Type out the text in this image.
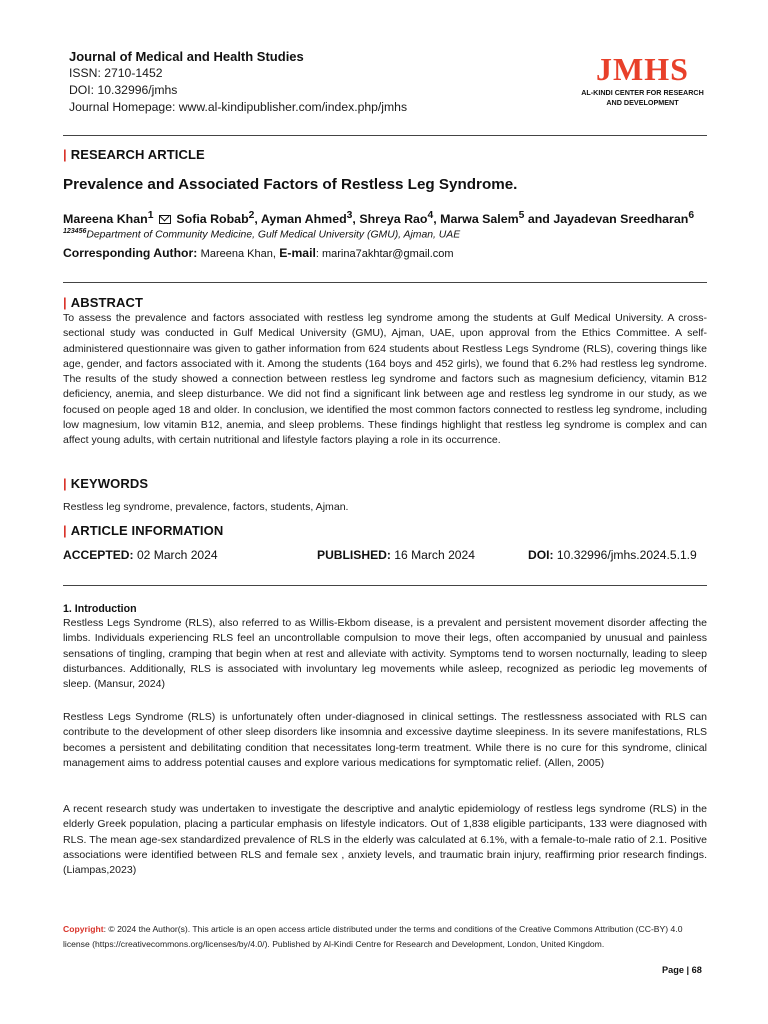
Journal of Medical and Health Studies
ISSN: 2710-1452
DOI: 10.32996/jmhs
Journal Homepage: www.al-kindipublisher.com/index.php/jmhs
JMHS
AL-KINDI CENTER FOR RESEARCH
AND DEVELOPMENT
| RESEARCH ARTICLE
Prevalence and Associated Factors of Restless Leg Syndrome.
Mareena Khan$^1$ Sofia Robab$^2$, Ayman Ahmed$^3$, Shreya Rao$^4$, Marwa Salem$^5$ and Jayadevan Sreedharan$^6$
$^{123456}$Department of Community Medicine, Gulf Medical University (GMU), Ajman, UAE
Corresponding Author: Mareena Khan, E-mail: marina7akhtar@gmail.com
| ABSTRACT
To assess the prevalence and factors associated with restless leg syndrome among the students at Gulf Medical University. A cross-sectional study was conducted in Gulf Medical University (GMU), Ajman, UAE, upon approval from the Ethics Committee. A self-administered questionnaire was given to gather information from 624 students about Restless Legs Syndrome (RLS), covering things like age, gender, and factors associated with it. Among the students (164 boys and 452 girls), we found that 6.2% had restless leg syndrome. The results of the study showed a connection between restless leg syndrome and factors such as magnesium deficiency, vitamin B12 deficiency, anemia, and sleep disturbance. We did not find a significant link between age and restless leg syndrome in our study, as we focused on people aged 18 and older. In conclusion, we identified the most common factors connected to restless leg syndrome, including low magnesium, low vitamin B12, anemia, and sleep problems. These findings highlight that restless leg syndrome is complex and can affect young adults, with certain nutritional and lifestyle factors playing a role in its occurrence.
| KEYWORDS
Restless leg syndrome, prevalence, factors, students, Ajman.
| ARTICLE INFORMATION
ACCEPTED: 02 March 2024	PUBLISHED: 16 March 2024	DOI: 10.32996/jmhs.2024.5.1.9
1. Introduction
Restless Legs Syndrome (RLS), also referred to as Willis-Ekbom disease, is a prevalent and persistent movement disorder affecting the limbs. Individuals experiencing RLS feel an uncontrollable compulsion to move their legs, often accompanied by unusual and painless sensations of tingling, cramping that begin when at rest and alleviate with activity. Symptoms tend to worsen nocturnally, leading to sleep disturbances. Additionally, RLS is associated with involuntary leg movements while asleep, recognized as periodic leg movements of sleep. (Mansur, 2024)
Restless Legs Syndrome (RLS) is unfortunately often under-diagnosed in clinical settings. The restlessness associated with RLS can contribute to the development of other sleep disorders like insomnia and excessive daytime sleepiness. In its severe manifestations, RLS becomes a persistent and debilitating condition that necessitates long-term treatment. While there is no cure for this syndrome, clinical management aims to address potential causes and explore various medications for symptomatic relief. (Allen, 2005)
A recent research study was undertaken to investigate the descriptive and analytic epidemiology of restless legs syndrome (RLS) in the elderly Greek population, placing a particular emphasis on lifestyle indicators. Out of 1,838 eligible participants, 133 were diagnosed with RLS. The mean age-sex standardized prevalence of RLS in the elderly was calculated at 6.1%, with a female-to-male ratio of 2.1. Positive associations were identified between RLS and female sex , anxiety levels, and traumatic brain injury, reaffirming prior research findings. (Liampas,2023)
Copyright: © 2024 the Author(s). This article is an open access article distributed under the terms and conditions of the Creative Commons Attribution (CC-BY) 4.0 license (https://creativecommons.org/licenses/by/4.0/). Published by Al-Kindi Centre for Research and Development, London, United Kingdom.
Page | 68
